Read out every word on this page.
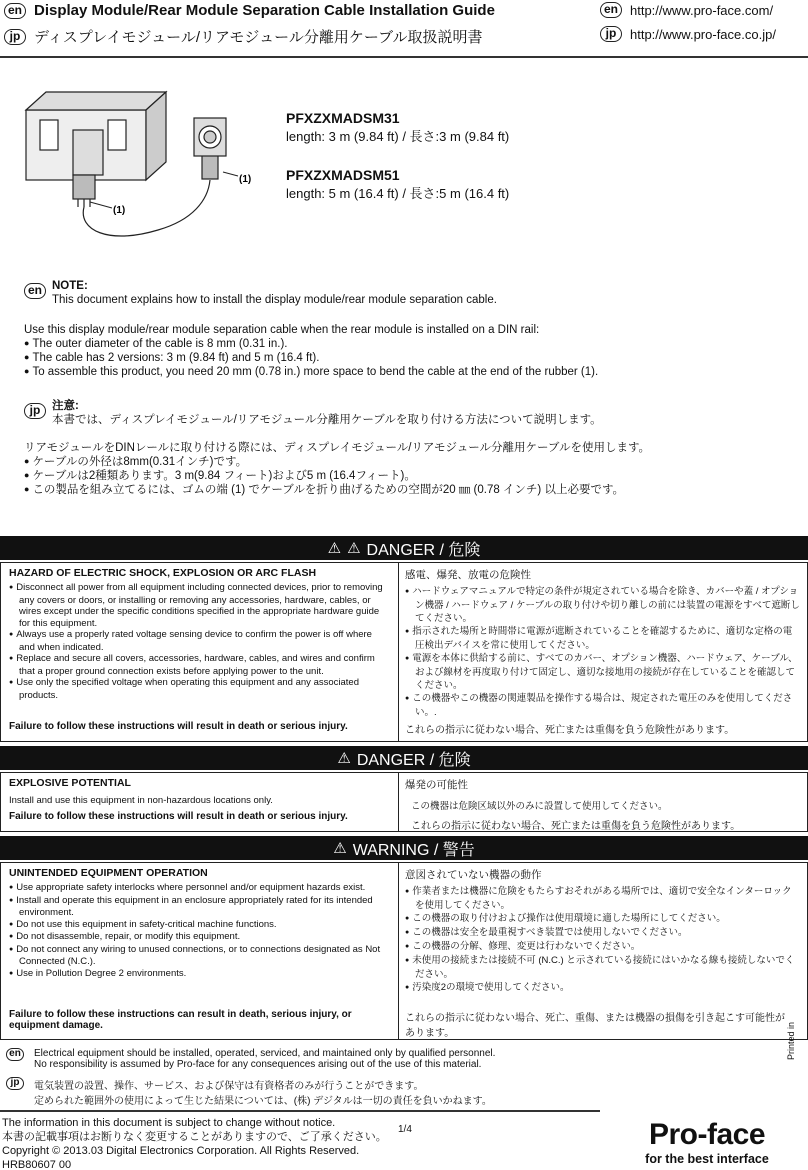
en Display Module/Rear Module Separation Cable Installation Guide
jp ディスプレイモジュール/リアモジュール分離用ケーブル取扱説明書
en http://www.pro-face.com/
jp	http://www.pro-face.co.jp/
(1)
(1)
PFXZXMADSM31
length: 3 m (9.84 ft) / 長さ:3 m (9.84 ft)
PFXZXMADSM51
length: 5 m (16.4 ft) / 長さ:5 m (16.4 ft)
en NOTE:
This document explains how to install the display module/rear module separation cable.
Use this display module/rear module separation cable when the rear module is installed on a DIN rail:
● The outer diameter of the cable is 8 mm (0.31 in.).
● The cable has 2 versions: 3 m (9.84 ft) and 5 m (16.4 ft).
● To assemble this product, you need 20 mm (0.78 in.) more space to bend the cable at the end of the rubber (1).
jp	注意:
本書では、ディスプレイモジュール/リアモジュール分離用ケーブルを取り付ける方法について説明します。
リアモジュールをDINレールに取り付ける際には、ディスプレイモジュール/リアモジュール分離用ケーブルを使用します。
● ケーブルの外径は8mm(0.31インチ)です。
● ケーブルは2種類あります。3 m(9.84 フィート)および5 m (16.4フィート)。
● この製品を組み立てるには、ゴムの端 (1) でケーブルを折り曲げるための空間が20 ㎜ (0.78 インチ) 以上必要です。
⚠ ⚠ DANGER / 危険
HAZARD OF ELECTRIC SHOCK, EXPLOSION OR ARC FLASH
● Disconnect all power from all equipment including connected devices, prior to removing any covers or doors, or installing or removing any accessories, hardware, cables, or wires except under the specific conditions specified in the appropriate hardware guide for this equipment.
● Always use a properly rated voltage sensing device to confirm the power is off where and when indicated.
● Replace and secure all covers, accessories, hardware, cables, and wires and confirm that a proper ground connection exists before applying power to the unit.
● Use only the specified voltage when operating this equipment and any associated products.
Failure to follow these instructions will result in death or serious injury.
感電、爆発、放電の危険性
● ハードウェアマニュアルで特定の条件が規定されている場合を除き、カバーや蓋 / オプション機器 / ハードウェア / ケーブルの取り付けや切り離しの前には装置の電源をすべて遮断してください。
● 指示された場所と時間帯に電源が遮断されていることを確認するために、適切な定格の電圧検出デバイスを常に使用してください。
● 電源を本体に供給する前に、すべてのカバー、オプション機器、ハードウェア、ケーブル、および線材を再度取り付けて固定し、適切な接地用の接続が存在していることを確認してください。
● この機器やこの機器の関連製品を操作する場合は、規定された電圧のみを使用してください。.
これらの指示に従わない場合、死亡または重傷を負う危険性があります。
⚠ DANGER / 危険
EXPLOSIVE POTENTIAL
Install and use this equipment in non-hazardous locations only.
Failure to follow these instructions will result in death or serious injury.
爆発の可能性
この機器は危険区域以外のみに設置して使用してください。
これらの指示に従わない場合、死亡または重傷を負う危険性があります。
⚠ WARNING / 警告
UNINTENDED EQUIPMENT OPERATION
● Use appropriate safety interlocks where personnel and/or equipment hazards exist.
● Install and operate this equipment in an enclosure appropriately rated for its intended environment.
● Do not use this equipment in safety-critical machine functions.
● Do not disassemble, repair, or modify this equipment.
● Do not connect any wiring to unused connections, or to connections designated as Not Connected (N.C.).
● Use in Pollution Degree 2 environments.
Failure to follow these instructions can result in death, serious injury, or equipment damage.
意図されていない機器の動作
● 作業者または機器に危険をもたらすおそれがある場所では、適切で安全なインターロックを使用してください。
● この機器の取り付けおよび操作は使用環境に適した場所にしてください。
● この機器は安全を最重視すべき装置では使用しないでください。
● この機器の分解、修理、変更は行わないでください。
● 未使用の接続または接続不可 (N.C.) と示されている接続にはいかなる線も接続しないでください。
● 汚染度2の環境で使用してください。
これらの指示に従わない場合、死亡、重傷、または機器の損傷を引き起こす可能性があります。
en	Electrical equipment should be installed, operated, serviced, and maintained only by qualified personnel.
No responsibility is assumed by Pro-face for any consequences arising out of the use of this material.
jp	電気装置の設置、操作、サービス、および保守は有資格者のみが行うことができます。
定められた範囲外の使用によって生じた結果については、(株) デジタルは一切の責任を負いかねます。
The information in this document is subject to change without notice.
本書の記載事項はお断りなく変更することがありますので、ご了承ください。
Copyright © 2013.03 Digital Electronics Corporation. All Rights Reserved.
HRB80607 00
1/4	Pro-face
for the best interface
Printed in
